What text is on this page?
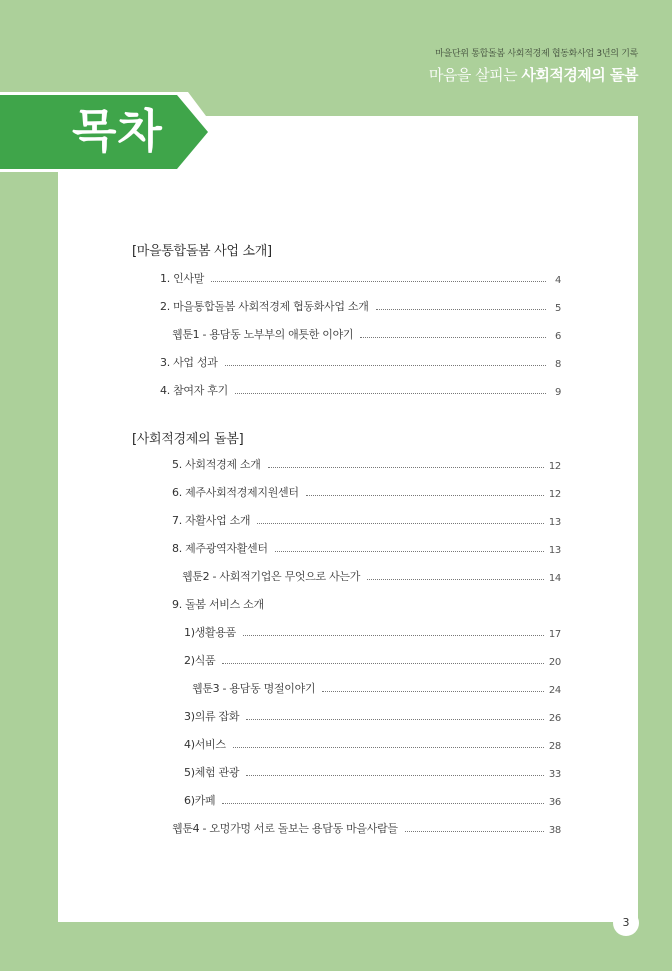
마을단위 통합돌봄 사회적경제 협동화사업 3년의 기록
마음을 살피는 사회적경제의 돌봄
목차
[마을통합돌봄 사업 소개]
1. 인사말	4
2. 마을통합돌봄 사회적경제 협동화사업 소개	5
웹툰1 - 용담동 노부부의 애틋한 이야기	6
3. 사업 성과	8
4. 참여자 후기	9
[사회적경제의 돌봄]
5. 사회적경제 소개	12
6. 제주사회적경제지원센터	12
7. 자활사업 소개	13
8. 제주광역자활센터	13
웹툰2 - 사회적기업은 무엇으로 사는가	14
9. 돌봄 서비스 소개
1)생활용품	17
2)식품	20
웹툰3 - 용담동 명절이야기	24
3)의류 잡화	26
4)서비스	28
5)체험 관광	33
6)카페	36
웹툰4 - 오멍가멍 서로 돌보는 용담동 마을사람들	38
3
